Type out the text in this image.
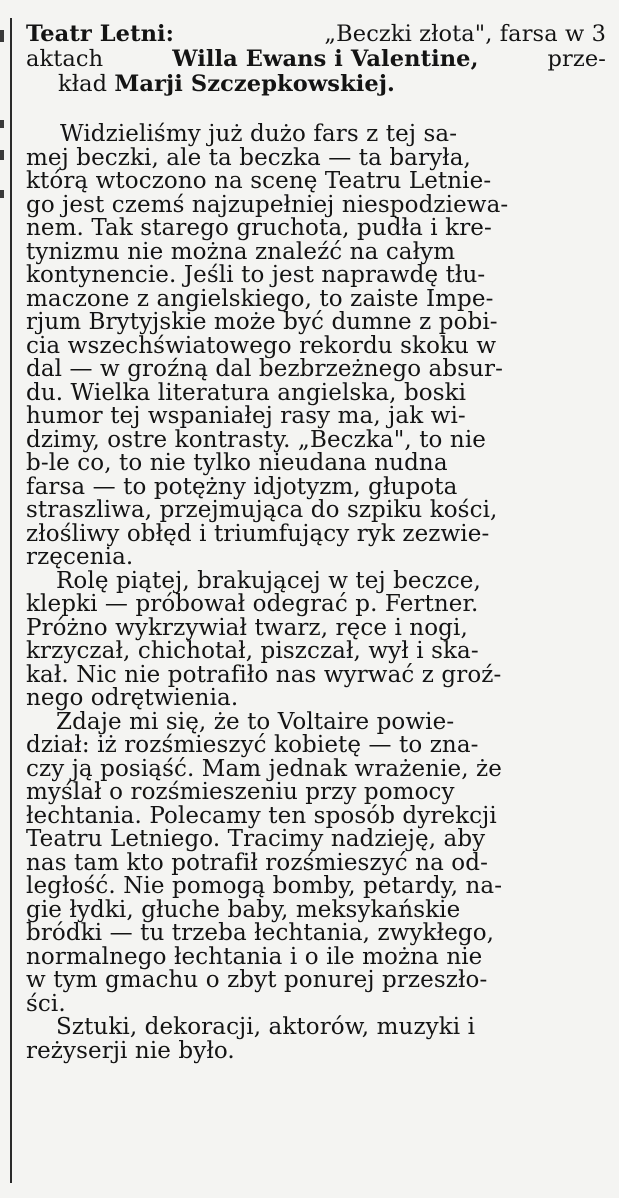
Teatr Letni:	„Beczki złota", farsa w 3
aktach	Willa Ewans i Valentine,	prze-
kład Marji Szczepkowskiej.
Widzieliśmy już dużo fars z tej sa-
mej beczki, ale ta beczka — ta baryła,
którą wtoczono na scenę Teatru Letnie-
go jest czemś najzupełniej niespodziewa-
nem. Tak starego gruchota, pudła i kre-
tynizmu nie można znaleźć na całym
kontynencie. Jeśli to jest naprawdę tłu-
maczone z angielskiego, to zaiste Impe-
rjum Brytyjskie może być dumne z pobi-
cia wszechświatowego rekordu skoku w
dal — w groźną dal bezbrzeżnego absur-
du. Wielka literatura angielska, boski
humor tej wspaniałej rasy ma, jak wi-
dzimy, ostre kontrasty. „Beczka", to nie
b-le co, to nie tylko nieudana nudna
farsa — to potężny idjotyzm, głupota
straszliwa, przejmująca do szpiku kości,
złośliwy obłęd i triumfujący ryk zezwie-
rzęcenia.
Rolę piątej, brakującej w tej beczce,
klepki — próbował odegrać p. Fertner.
Próżno wykrzywiał twarz, ręce i nogi,
krzyczał, chichotał, piszczał, wył i ska-
kał. Nic nie potrafiło nas wyrwać z groź-
nego odrętwienia.
Zdaje mi się, że to Voltaire powie-
dział: iż rozśmieszyć kobietę — to zna-
czy ją posiąść. Mam jednak wrażenie, że
myślał o rozśmieszeniu przy pomocy
łechtania. Polecamy ten sposób dyrekcji
Teatru Letniego. Tracimy nadzieję, aby
nas tam kto potrafił rozśmieszyć na od-
ległość. Nie pomogą bomby, petardy, na-
gie łydki, głuche baby, meksykańskie
bródki — tu trzeba łechtania, zwykłego,
normalnego łechtania i o ile można nie
w tym gmachu o zbyt ponurej przeszło-
ści.
Sztuki, dekoracji, aktorów, muzyki i
reżyserji nie było.
